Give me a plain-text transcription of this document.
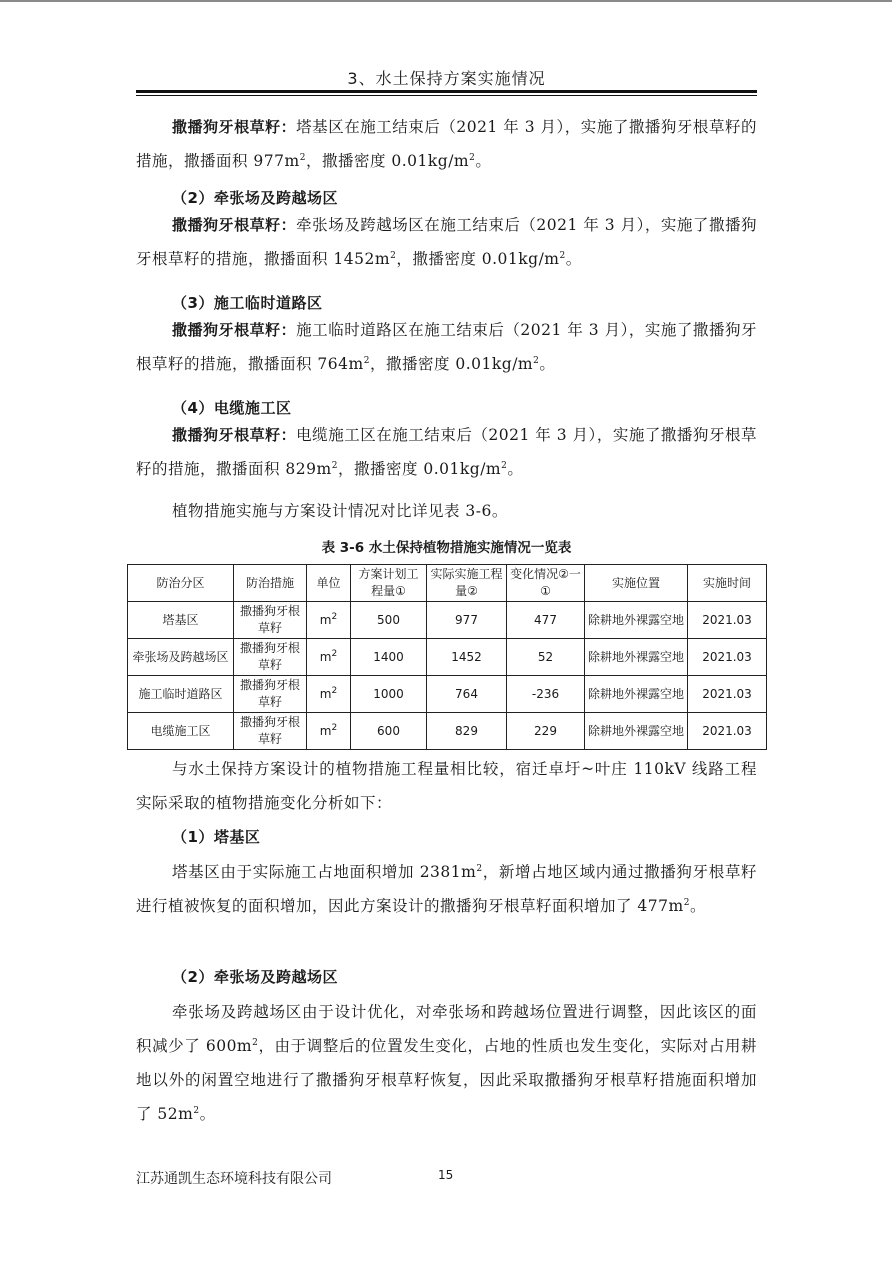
3、水土保持方案实施情况
撒播狗牙根草籽：塔基区在施工结束后（2021 年 3 月），实施了撒播狗牙根草籽的措施，撒播面积 $977m^2$，撒播密度 $0.01kg/m^2$。
（2）牵张场及跨越场区
撒播狗牙根草籽：牵张场及跨越场区在施工结束后（2021 年 3 月），实施了撒播狗牙根草籽的措施，撒播面积 $1452m^2$，撒播密度 $0.01kg/m^2$。
（3）施工临时道路区
撒播狗牙根草籽：施工临时道路区在施工结束后（2021 年 3 月），实施了撒播狗牙根草籽的措施，撒播面积 $764m^2$，撒播密度 $0.01kg/m^2$。
（4）电缆施工区
撒播狗牙根草籽：电缆施工区在施工结束后（2021 年 3 月），实施了撒播狗牙根草籽的措施，撒播面积 $829m^2$，撒播密度 $0.01kg/m^2$。
植物措施实施与方案设计情况对比详见表 3-6。
表 3-6 水土保持植物措施实施情况一览表
防治分区	防治措施	单位	方案计划工程量①	实际实施工程量②	变化情况②一①	实施位置	实施时间
塔基区	撒播狗牙根草籽	$m^2$	500	977	477	除耕地外裸露空地	2021.03
牵张场及跨越场区	撒播狗牙根草籽	$m^2$	1400	1452	52	除耕地外裸露空地	2021.03
施工临时道路区	撒播狗牙根草籽	$m^2$	1000	764	-236	除耕地外裸露空地	2021.03
电缆施工区	撒播狗牙根草籽	$m^2$	600	829	229	除耕地外裸露空地	2021.03
与水土保持方案设计的植物措施工程量相比较，宿迁卓圩~叶庄 110kV 线路工程实际采取的植物措施变化分析如下：
（1）塔基区
塔基区由于实际施工占地面积增加 $2381m^2$，新增占地区域内通过撒播狗牙根草籽进行植被恢复的面积增加，因此方案设计的撒播狗牙根草籽面积增加了 $477m^2$。
（2）牵张场及跨越场区
牵张场及跨越场区由于设计优化，对牵张场和跨越场位置进行调整，因此该区的面积减少了 $600m^2$，由于调整后的位置发生变化，占地的性质也发生变化，实际对占用耕地以外的闲置空地进行了撒播狗牙根草籽恢复，因此采取撒播狗牙根草籽措施面积增加了 $52m^2$。
江苏通凯生态环境科技有限公司	15
